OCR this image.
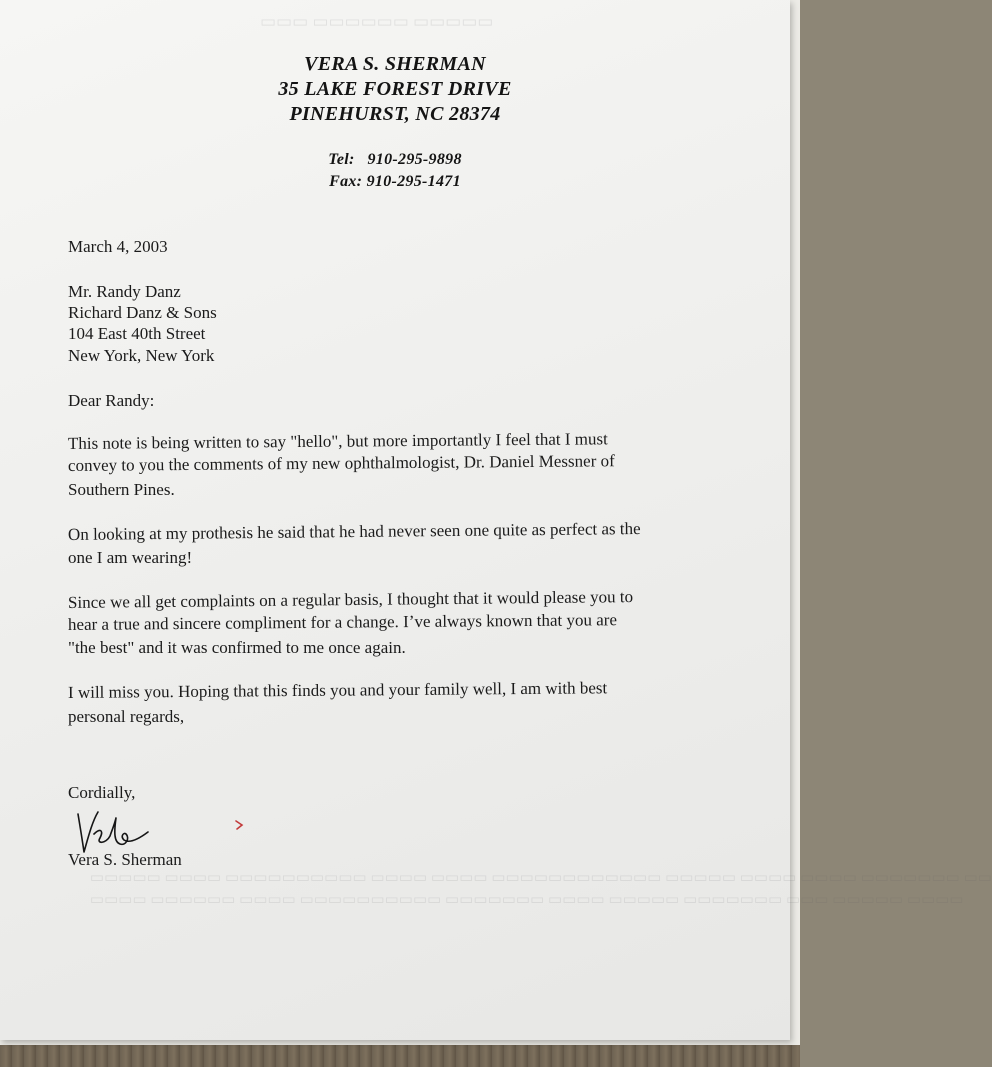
▭▭▭▭▭ ▭▭▭▭▭▭ ▭▭▭
▭▭ ▭▭▭▭▭▭▭ ▭▭▭▭ ▭▭▭▭ ▭▭▭▭▭ ▭▭▭▭▭▭▭▭▭▭▭▭ ▭▭▭▭ ▭▭▭▭ ▭▭▭▭▭▭▭▭▭▭ ▭▭▭▭ ▭▭▭▭▭
▭▭▭▭ ▭▭▭▭▭ ▭▭▭ ▭▭▭▭▭▭▭ ▭▭▭▭▭ ▭▭▭▭ ▭▭▭▭▭▭▭ ▭▭▭▭▭▭▭▭▭▭ ▭▭▭▭ ▭▭▭▭▭▭ ▭▭▭▭
VERA S. SHERMAN
35 LAKE FOREST DRIVE
PINEHURST, NC 28374
Tel:   910-295-9898
Fax: 910-295-1471
March 4, 2003
Mr. Randy Danz
Richard Danz & Sons
104 East 40th Street
New York, New York
Dear Randy:
This note is being written to say "hello", but more importantly I feel that I must
convey to you the comments of my new ophthalmologist, Dr. Daniel Messner of
Southern Pines.
On looking at my prothesis he said that he had never seen one quite as perfect as the
one I am wearing!
Since we all get complaints on a regular basis, I thought that it would please you to
hear a true and sincere compliment for a change. I’ve always known that you are
"the best" and it was confirmed to me once again.
I will miss you. Hoping that this finds you and your family well, I am with best
personal regards,
Cordially,
Vera S. Sherman
